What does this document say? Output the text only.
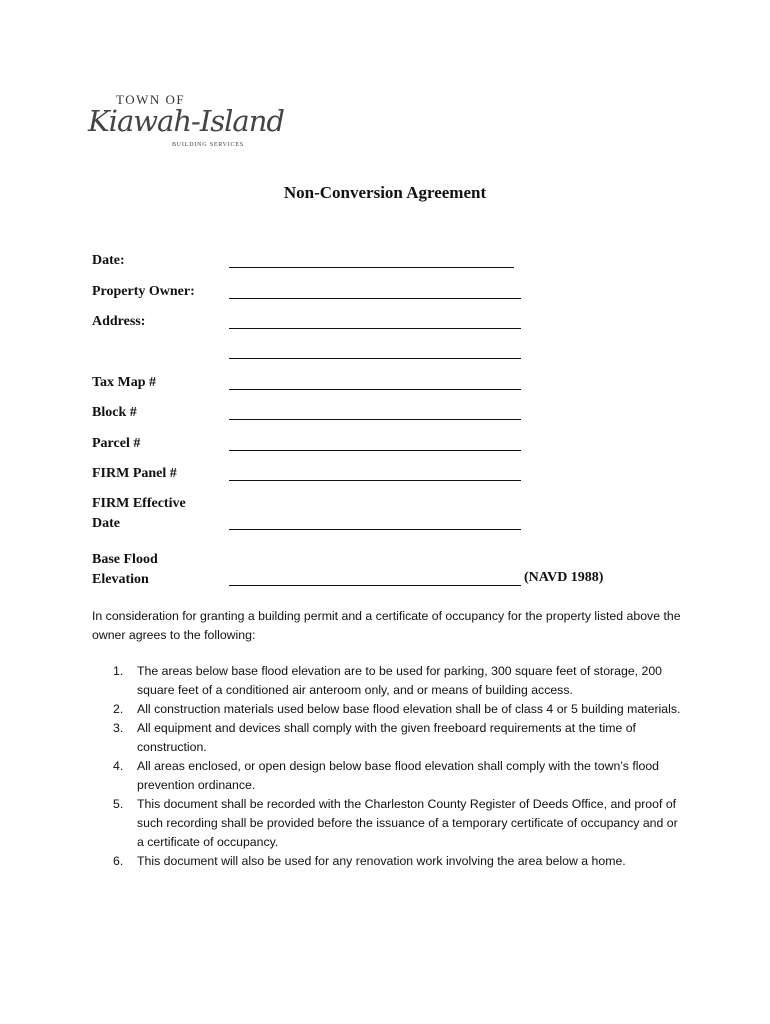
TOWN OF
Kiawah-Island
BUILDING SERVICES
Non-Conversion Agreement
Date:
Property Owner:
Address:
Tax Map #
Block #
Parcel #
FIRM Panel #
FIRM Effective Date
Base Flood Elevation	(NAVD 1988)
In consideration for granting a building permit and a certificate of occupancy for the property listed above the owner agrees to the following:
1. The areas below base flood elevation are to be used for parking, 300 square feet of storage, 200 square feet of a conditioned air anteroom only, and or means of building access.
2. All construction materials used below base flood elevation shall be of class 4 or 5 building materials.
3. All equipment and devices shall comply with the given freeboard requirements at the time of construction.
4. All areas enclosed, or open design below base flood elevation shall comply with the town’s flood prevention ordinance.
5. This document shall be recorded with the Charleston County Register of Deeds Office, and proof of such recording shall be provided before the issuance of a temporary certificate of occupancy and or a certificate of occupancy.
6. This document will also be used for any renovation work involving the area below a home.
